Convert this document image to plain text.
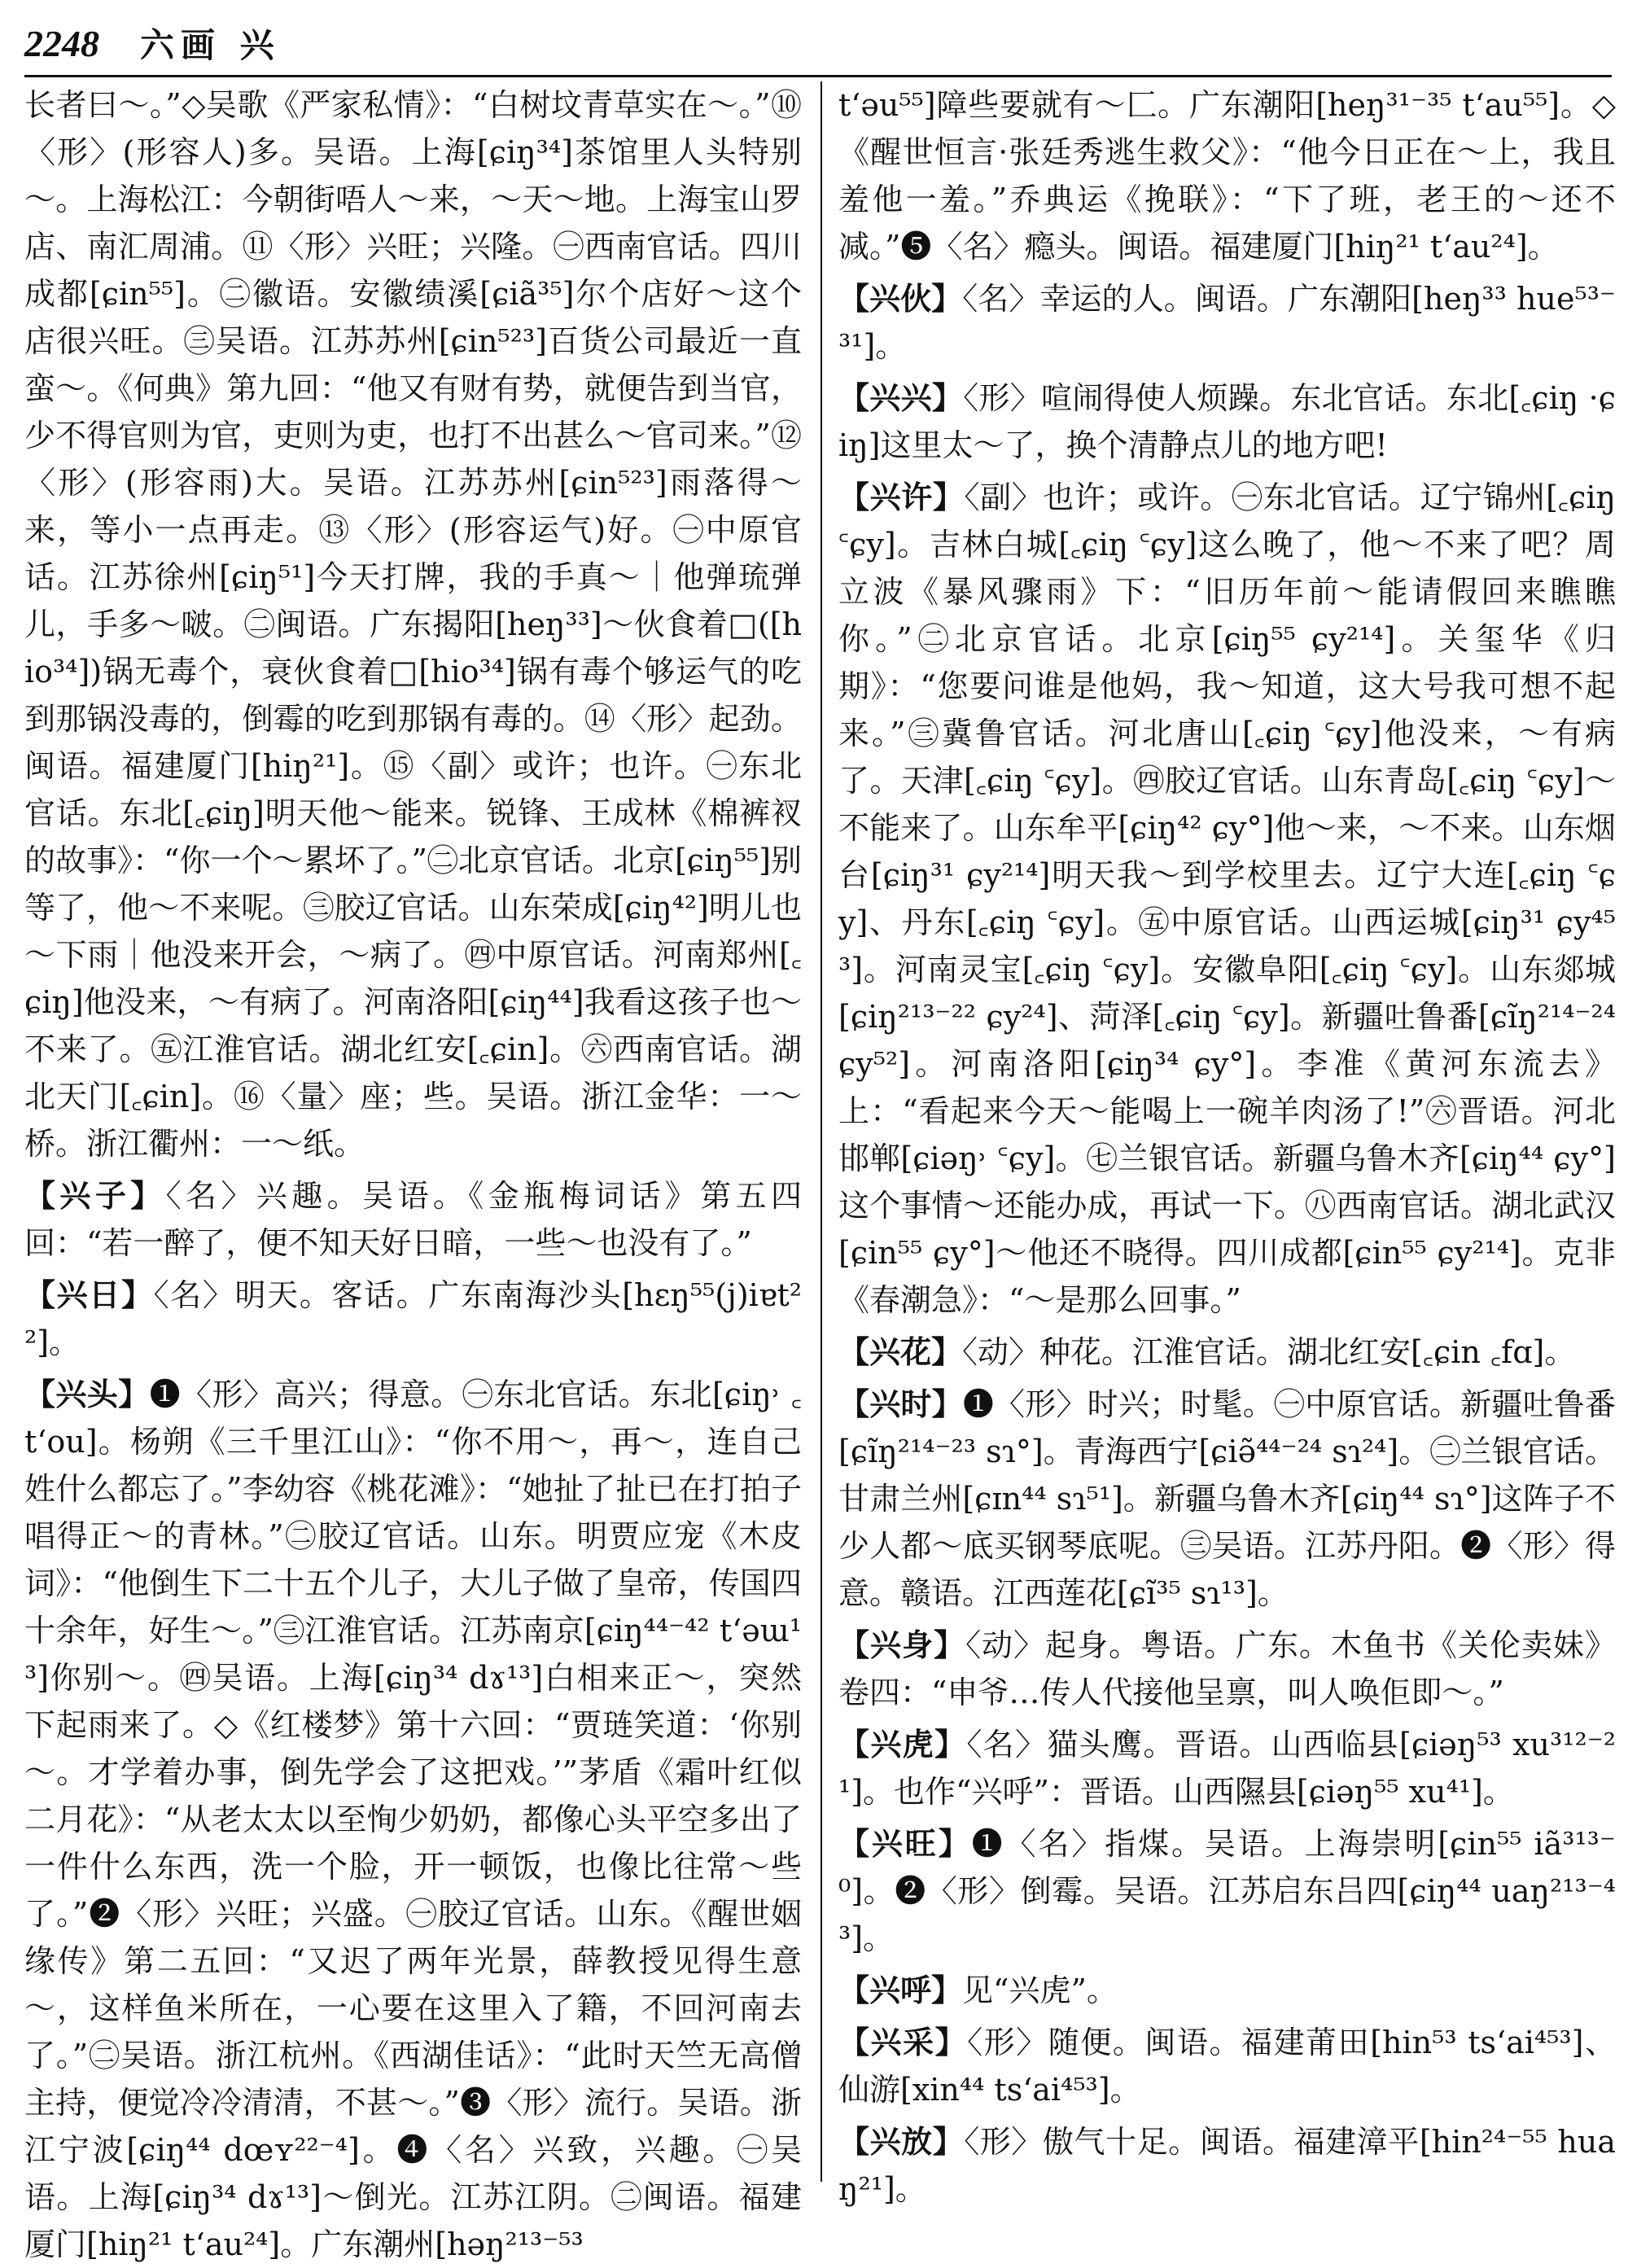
2248 六画 兴

长者曰～。”◇吴歌《严家私情》：“白树坟青草实在～。”⑩〈形〉(形容人)多。吴语。上海[ɕiŋ³⁴]茶馆里人头特别～。上海松江：今朝街唔人～来，～天～地。上海宝山罗店、南汇周浦。⑪〈形〉兴旺；兴隆。㊀西南官话。四川成都[ɕin⁵⁵]。㊁徽语。安徽绩溪[ɕiã³⁵]尔个店好～这个店很兴旺。㊂吴语。江苏苏州[ɕin⁵²³]百货公司最近一直蛮～。《何典》第九回：“他又有财有势，就便告到当官，少不得官则为官，吏则为吏，也打不出甚么～官司来。”⑫〈形〉(形容雨)大。吴语。江苏苏州[ɕin⁵²³]雨落得～来，等小一点再走。⑬〈形〉(形容运气)好。㊀中原官话。江苏徐州[ɕiŋ⁵¹]今天打牌，我的手真～｜他弹琉弹儿，手多～啵。㊁闽语。广东揭阳[heŋ³³]～伙食着□([hio³⁴])锅无毒个，衰伙食着□[hio³⁴]锅有毒个够运气的吃到那锅没毒的，倒霉的吃到那锅有毒的。⑭〈形〉起劲。闽语。福建厦门[hiŋ²¹]。⑮〈副〉或许；也许。㊀东北官话。东北[꜀ɕiŋ]明天他～能来。锐锋、王成林《棉裤衩的故事》：“你一个～累坏了。”㊁北京官话。北京[ɕiŋ⁵⁵]别等了，他～不来呢。㊂胶辽官话。山东荣成[ɕiŋ⁴²]明儿也～下雨｜他没来开会，～病了。㊃中原官话。河南郑州[꜀ɕiŋ]他没来，～有病了。河南洛阳[ɕiŋ⁴⁴]我看这孩子也～不来了。㊄江淮官话。湖北红安[꜀ɕin]。㊅西南官话。湖北天门[꜀ɕin]。⑯〈量〉座；些。吴语。浙江金华：一～桥。浙江衢州：一～纸。

【兴子】〈名〉兴趣。吴语。《金瓶梅词话》第五四回：“若一醉了，便不知天好日暗，一些～也没有了。”

【兴日】〈名〉明天。客话。广东南海沙头[hɛŋ⁵⁵(j)iɐt²²]。

【兴头】❶〈形〉高兴；得意。㊀东北官话。东北[ɕiŋ˒ ꜀tʻou]。杨朔《三千里江山》：“你不用～，再～，连自己姓什么都忘了。”李幼容《桃花滩》：“她扯了扯已在打拍子唱得正～的青林。”㊁胶辽官话。山东。明贾应宠《木皮词》：“他倒生下二十五个儿子，大儿子做了皇帝，传国四十余年，好生～。”㊂江淮官话。江苏南京[ɕiŋ⁴⁴⁻⁴² tʻəɯ¹³]你别～。㊃吴语。上海[ɕiŋ³⁴ dɤ¹³]白相来正～，突然下起雨来了。◇《红楼梦》第十六回：“贾琏笑道：‘你别～。才学着办事，倒先学会了这把戏。’”茅盾《霜叶红似二月花》：“从老太太以至恂少奶奶，都像心头平空多出了一件什么东西，洗一个脸，开一顿饭，也像比往常～些了。”❷〈形〉兴旺；兴盛。㊀胶辽官话。山东。《醒世姻缘传》第二五回：“又迟了两年光景，薛教授见得生意～，这样鱼米所在，一心要在这里入了籍，不回河南去了。”㊁吴语。浙江杭州。《西湖佳话》：“此时天竺无高僧主持，便觉冷冷清清，不甚～。”❸〈形〉流行。吴语。浙江宁波[ɕiŋ⁴⁴ dœʏ²²⁻⁴]。❹〈名〉兴致，兴趣。㊀吴语。上海[ɕiŋ³⁴ dɤ¹³]～倒光。江苏江阴。㊁闽语。福建厦门[hiŋ²¹ tʻau²⁴]。广东潮州[həŋ²¹³⁻⁵³

tʻəu⁵⁵]障些要就有～匚。广东潮阳[heŋ³¹⁻³⁵ tʻau⁵⁵]。◇《醒世恒言·张廷秀逃生救父》：“他今日正在～上，我且羞他一羞。”乔典运《挽联》：“下了班，老王的～还不减。”❺〈名〉瘾头。闽语。福建厦门[hiŋ²¹ tʻau²⁴]。

【兴伙】〈名〉幸运的人。闽语。广东潮阳[heŋ³³ hue⁵³⁻³¹]。

【兴兴】〈形〉喧闹得使人烦躁。东北官话。东北[꜀ɕiŋ ·ɕiŋ]这里太～了，换个清静点儿的地方吧!

【兴许】〈副〉也许；或许。㊀东北官话。辽宁锦州[꜀ɕiŋ ꜂ɕy]。吉林白城[꜀ɕiŋ ꜂ɕy]这么晚了，他～不来了吧？周立波《暴风骤雨》下：“旧历年前～能请假回来瞧瞧你。”㊁北京官话。北京[ɕiŋ⁵⁵ ɕy²¹⁴]。关玺华《归期》：“您要问谁是他妈，我～知道，这大号我可想不起来。”㊂冀鲁官话。河北唐山[꜀ɕiŋ ꜂ɕy]他没来，～有病了。天津[꜀ɕiŋ ꜂ɕy]。㊃胶辽官话。山东青岛[꜀ɕiŋ ꜂ɕy]～不能来了。山东牟平[ɕiŋ⁴² ɕy°]他～来，～不来。山东烟台[ɕiŋ³¹ ɕy²¹⁴]明天我～到学校里去。辽宁大连[꜀ɕiŋ ꜂ɕy]、丹东[꜀ɕiŋ ꜂ɕy]。㊄中原官话。山西运城[ɕiŋ³¹ ɕy⁴⁵³]。河南灵宝[꜀ɕiŋ ꜂ɕy]。安徽阜阳[꜀ɕiŋ ꜂ɕy]。山东郯城[ɕiŋ²¹³⁻²² ɕy²⁴]、菏泽[꜀ɕiŋ ꜂ɕy]。新疆吐鲁番[ɕĩŋ²¹⁴⁻²⁴ ɕy⁵²]。河南洛阳[ɕiŋ³⁴ ɕy°]。李准《黄河东流去》上：“看起来今天～能喝上一碗羊肉汤了!”㊅晋语。河北邯郸[ɕiəŋ˒ ꜂ɕy]。㊆兰银官话。新疆乌鲁木齐[ɕiŋ⁴⁴ ɕy°]这个事情～还能办成，再试一下。㊇西南官话。湖北武汉[ɕin⁵⁵ ɕy°]～他还不晓得。四川成都[ɕin⁵⁵ ɕy²¹⁴]。克非《春潮急》：“～是那么回事。”

【兴花】〈动〉种花。江淮官话。湖北红安[꜀ɕin ꜀fɑ]。

【兴时】❶〈形〉时兴；时髦。㊀中原官话。新疆吐鲁番[ɕĩŋ²¹⁴⁻²³ sɿ°]。青海西宁[ɕiə̃⁴⁴⁻²⁴ sɿ²⁴]。㊁兰银官话。甘肃兰州[ɕɪn⁴⁴ sɿ⁵¹]。新疆乌鲁木齐[ɕiŋ⁴⁴ sɿ°]这阵子不少人都～底买钢琴底呢。㊂吴语。江苏丹阳。❷〈形〉得意。赣语。江西莲花[ɕĩ³⁵ sɿ¹³]。

【兴身】〈动〉起身。粤语。广东。木鱼书《关伦卖妹》卷四：“申爷…传人代接他呈禀，叫人唤佢即～。”

【兴虎】〈名〉猫头鹰。晋语。山西临县[ɕiəŋ⁵³ xu³¹²⁻²¹]。也作“兴呼”：晋语。山西隰县[ɕiəŋ⁵⁵ xu⁴¹]。

【兴旺】❶〈名〉指煤。吴语。上海崇明[ɕin⁵⁵ iã³¹³⁻⁰]。❷〈形〉倒霉。吴语。江苏启东吕四[ɕiŋ⁴⁴ uaŋ²¹³⁻⁴³]。

【兴呼】见“兴虎”。

【兴采】〈形〉随便。闽语。福建莆田[hin⁵³ tsʻai⁴⁵³]、仙游[xin⁴⁴ tsʻai⁴⁵³]。

【兴放】〈形〉傲气十足。闽语。福建漳平[hin²⁴⁻⁵⁵ huaŋ²¹]。
